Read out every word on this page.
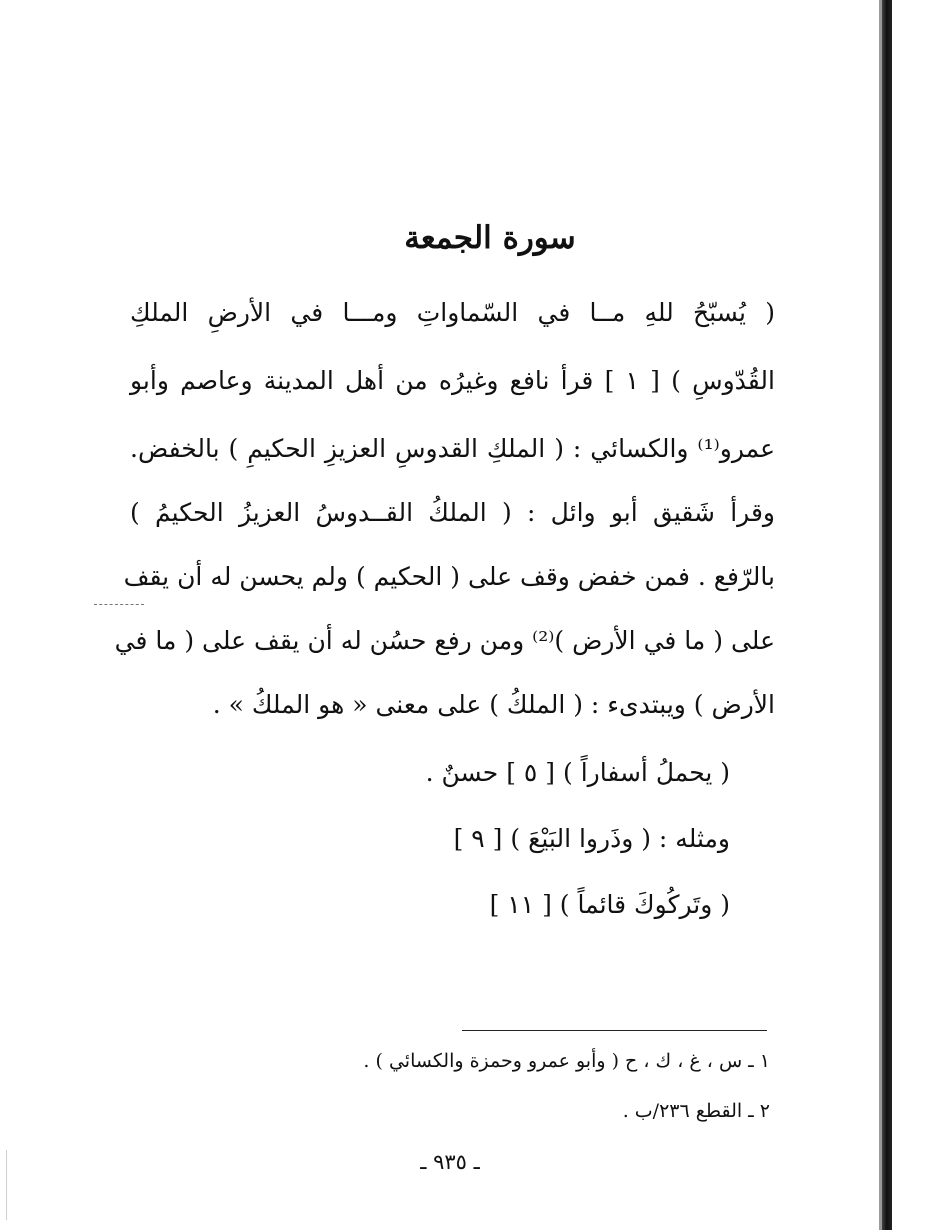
سورة الجمعة
( يُسبّحُ للهِ مــا في السّماواتِ ومـــا في الأرضِ الملكِ
القُدّوسِ ) [ ١ ] قرأ نافع وغيرُه من أهل المدينة وعاصم وأبو
عمرو⁽¹⁾ والكسائي : ( الملكِ القدوسِ العزيزِ الحكيمِ ) بالخفض.
وقرأ شَقيق أبو وائل : ( الملكُ القــدوسُ العزيزُ الحكيمُ )
بالرّفع . فمن خفض وقف على ( الحكيم ) ولم يحسن له أن يقف
على ( ما في الأرض )⁽²⁾ ومن رفع حسُن له أن يقف على ( ما في
الأرض ) ويبتدىء : ( الملكُ ) على معنى « هو الملكُ » .
( يحملُ أسفاراً ) [ ٥ ] حسنٌ .
ومثله : ( وذَروا البَيْعَ ) [ ٩ ]
( وتَركُوكَ قائماً ) [ ١١ ]
١ ـ س ، غ ، ك ، ح ( وأبو عمرو وحمزة والكسائي ) .
٢ ـ القطع ٢٣٦/ب .
ـ ٩٣٥ ـ
